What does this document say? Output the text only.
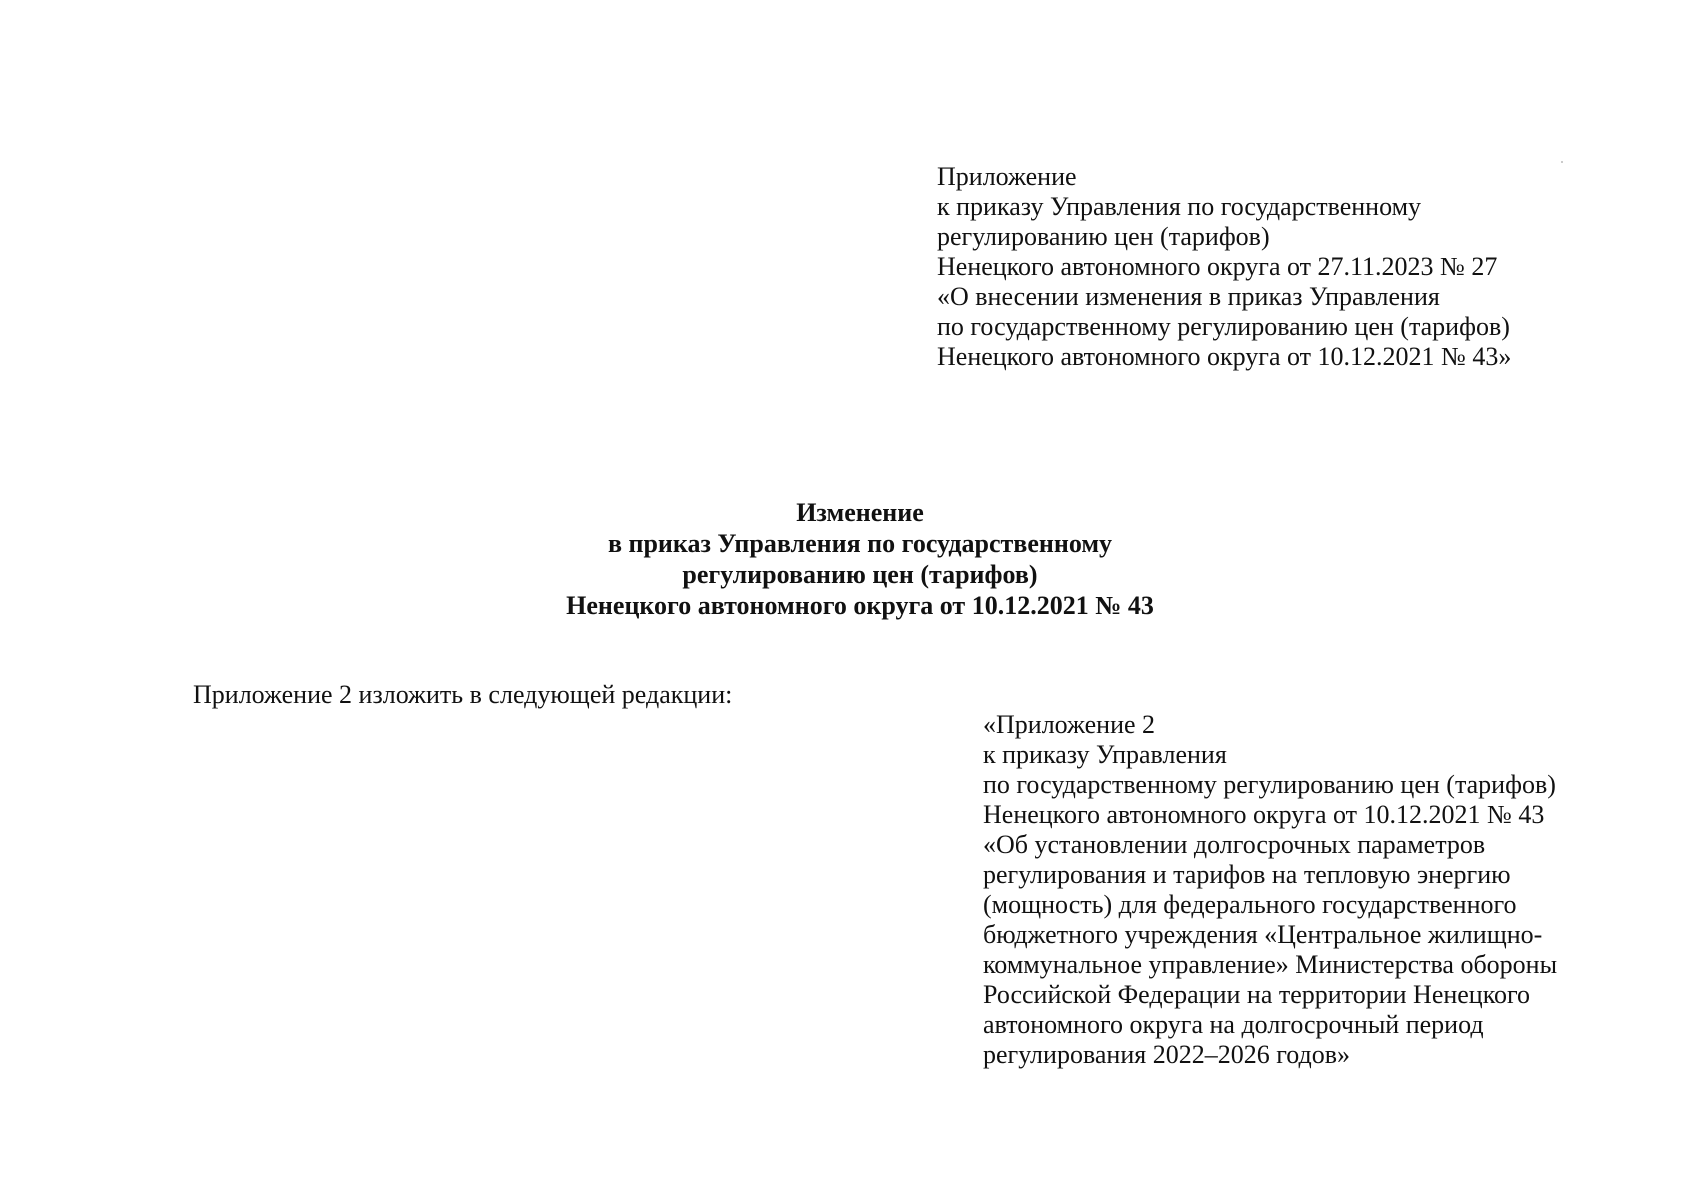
Приложение
к приказу Управления по государственному
регулированию цен (тарифов)
Ненецкого автономного округа от 27.11.2023 № 27
«О внесении изменения в приказ Управления
по государственному регулированию цен (тарифов)
Ненецкого автономного округа от 10.12.2021 № 43»
Изменение
в приказ Управления по государственному
регулированию цен (тарифов)
Ненецкого автономного округа от 10.12.2021 № 43
Приложение 2 изложить в следующей редакции:
«Приложение 2
к приказу Управления
по государственному регулированию цен (тарифов)
Ненецкого автономного округа от 10.12.2021 № 43
«Об установлении долгосрочных параметров
регулирования и тарифов на тепловую энергию
(мощность) для федерального государственного
бюджетного учреждения «Центральное жилищно-
коммунальное управление» Министерства обороны
Российской Федерации на территории Ненецкого
автономного округа на долгосрочный период
регулирования 2022–2026 годов»
